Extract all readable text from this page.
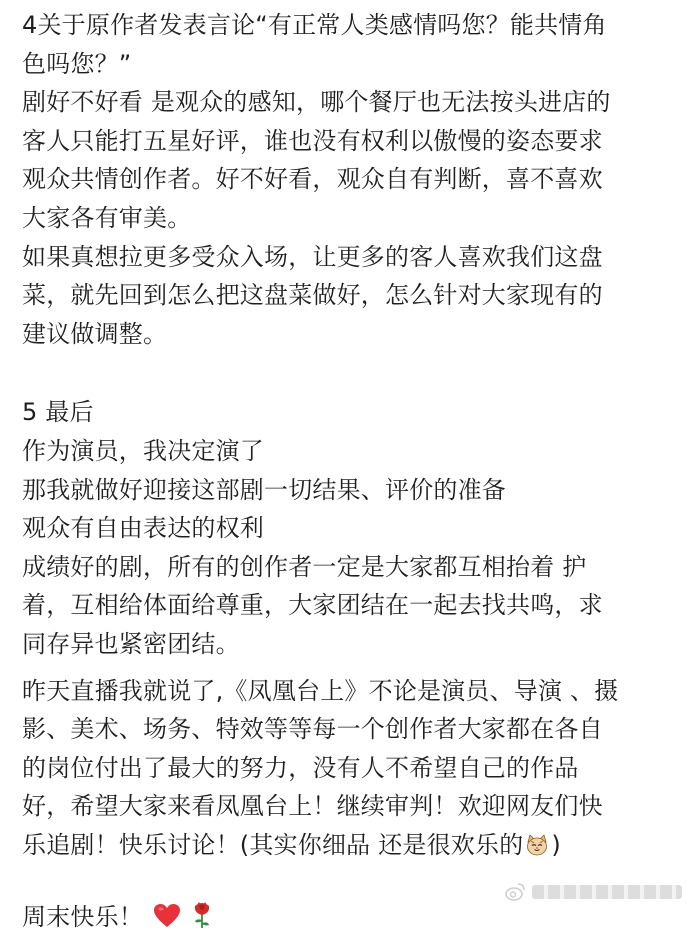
4关于原作者发表言论“有正常人类感情吗您？能共情角
色吗您？”
剧好不好看 是观众的感知，哪个餐厅也无法按头进店的
客人只能打五星好评，谁也没有权利以傲慢的姿态要求
观众共情创作者。好不好看，观众自有判断，喜不喜欢
大家各有审美。
如果真想拉更多受众入场，让更多的客人喜欢我们这盘
菜，就先回到怎么把这盘菜做好，怎么针对大家现有的
建议做调整。
5 最后
作为演员，我决定演了
那我就做好迎接这部剧一切结果、评价的准备
观众有自由表达的权利
成绩好的剧，所有的创作者一定是大家都互相抬着 护
着，互相给体面给尊重，大家团结在一起去找共鸣，求
同存异也紧密团结。
昨天直播我就说了,《凤凰台上》不论是演员、导演 、摄
影、美术、场务、特效等等每一个创作者大家都在各自
的岗位付出了最大的努力，没有人不希望自己的作品
好，希望大家来看凤凰台上！继续审判！欢迎网友们快
乐追剧！快乐讨论！(其实你细品 还是很欢乐的 )
周末快乐！
